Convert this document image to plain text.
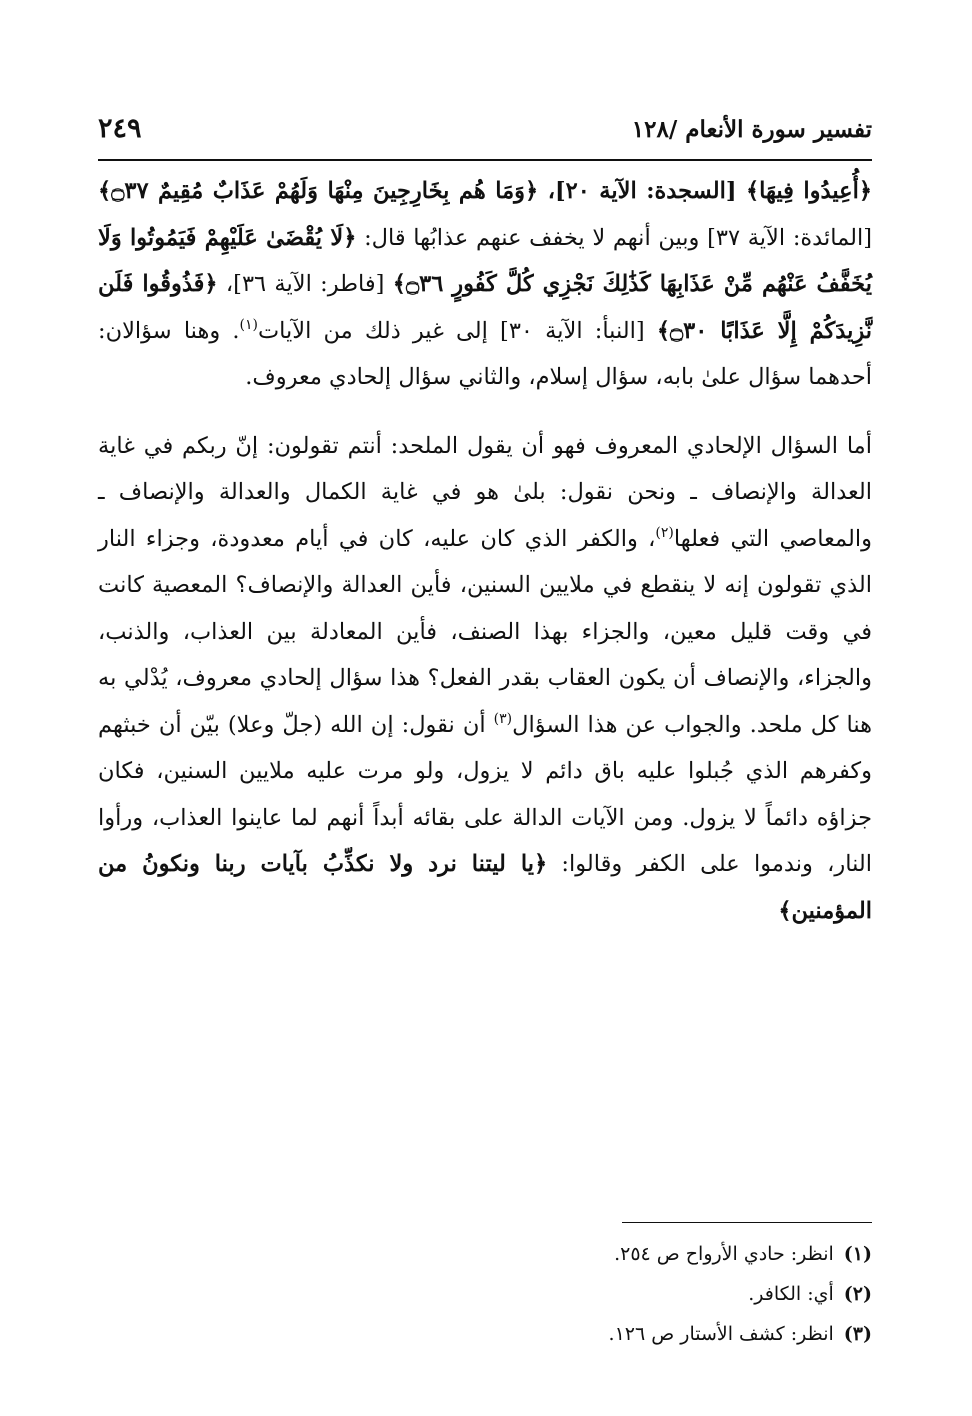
تفسير سورة الأنعام /١٢٨
٢٤٩

﴿أُعِيدُوا فِيهَا﴾ [السجدة: الآية ٢٠]، ﴿وَمَا هُم بِخَارِجِينَ مِنْهَا وَلَهُمْ عَذَابٌ مُقِيمٌ ۝٣٧﴾ [المائدة: الآية ٣٧] وبين أنهم لا يخفف عنهم عذابُها قال: ﴿لَا يُقْضَىٰ عَلَيْهِمْ فَيَمُوتُوا وَلَا يُخَفَّفُ عَنْهُم مِّنْ عَذَابِهَا كَذَٰلِكَ نَجْزِي كُلَّ كَفُورٍ ۝٣٦﴾ [فاطر: الآية ٣٦]، ﴿فَذُوقُوا فَلَن نَّزِيدَكُمْ إِلَّا عَذَابًا ۝٣٠﴾ [النبأ: الآية ٣٠] إلى غير ذلك من الآيات$^{(١)}$. وهنا سؤالان: أحدهما سؤال علىٰ بابه، سؤال إسلام، والثاني سؤال إلحادي معروف.

أما السؤال الإلحادي المعروف فهو أن يقول الملحد: أنتم تقولون: إنّ ربكم في غاية العدالة والإنصاف ـ ونحن نقول: بلىٰ هو في غاية الكمال والعدالة والإنصاف ـ والمعاصي التي فعلها$^{(٢)}$، والكفر الذي كان عليه، كان في أيام معدودة، وجزاء النار الذي تقولون إنه لا ينقطع في ملايين السنين، فأين العدالة والإنصاف؟ المعصية كانت في وقت قليل معين، والجزاء بهذا الصنف، فأين المعادلة بين العذاب، والذنب، والجزاء، والإنصاف أن يكون العقاب بقدر الفعل؟ هذا سؤال إلحادي معروف، يُدْلي به هنا كل ملحد. والجواب عن هذا السؤال$^{(٣)}$ أن نقول: إن الله (جلّ وعلا) بيّن أن خبثهم وكفرهم الذي جُبلوا عليه باق دائم لا يزول، ولو مرت عليه ملايين السنين، فكان جزاؤه دائماً لا يزول. ومن الآيات الدالة على بقائه أبداً أنهم لما عاينوا العذاب، ورأوا النار، وندموا على الكفر وقالوا: ﴿يا ليتنا نرد ولا نكذِّبُ بآيات ربنا ونكونُ من المؤمنين﴾

(١)انظر: حادي الأرواح ص ٢٥٤.

(٢)أي: الكافر.

(٣)انظر: كشف الأستار ص ١٢٦.
